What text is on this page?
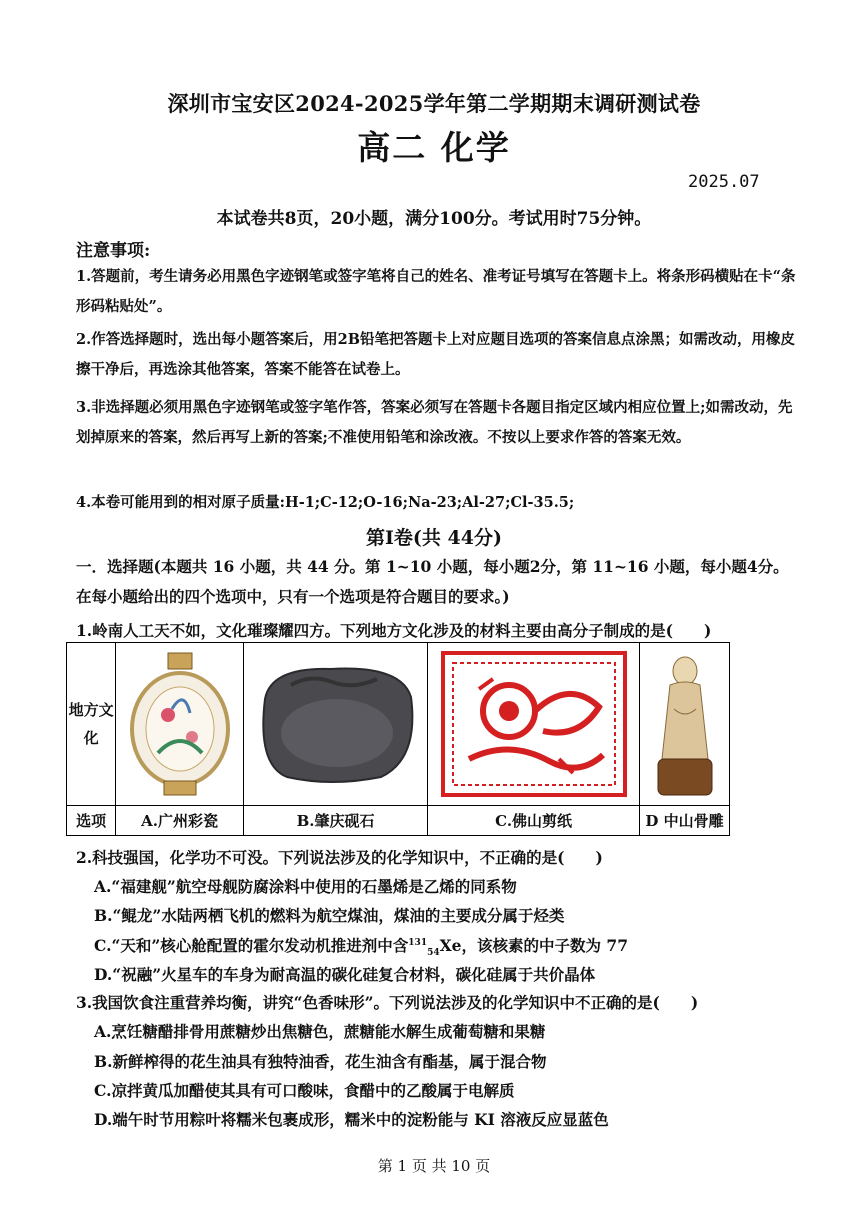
深圳市宝安区2024-2025学年第二学期期末调研测试卷
高二 化学
2025.07
本试卷共8页，20小题，满分100分。考试用时75分钟。
注意事项:
1.答题前，考生请务必用黑色字迹钢笔或签字笔将自己的姓名、准考证号填写在答题卡上。将条形码横贴在卡“条形码粘贴处”。
2.作答选择题时，选出每小题答案后，用2B铅笔把答题卡上对应题目选项的答案信息点涂黑；如需改动，用橡皮擦干净后，再选涂其他答案，答案不能答在试卷上。
3.非选择题必须用黑色字迹钢笔或签字笔作答，答案必须写在答题卡各题目指定区域内相应位置上;如需改动，先划掉原来的答案，然后再写上新的答案;不准使用铅笔和涂改液。不按以上要求作答的答案无效。
4.本卷可能用到的相对原子质量:H-1;C-12;O-16;Na-23;Al-27;Cl-35.5;
第Ⅰ卷(共 44分)
一．选择题(本题共 16 小题，共 44 分。第 1~10 小题，每小题2分，第 11~16 小题，每小题4分。在每小题给出的四个选项中，只有一个选项是符合题目的要求。)
1.岭南人工天不如，文化璀璨耀四方。下列地方文化涉及的材料主要由高分子制成的是(　　)
地方文化	

选项	A.广州彩瓷	B.肇庆砚石	C.佛山剪纸	D 中山骨雕
2.科技强国，化学功不可没。下列说法涉及的化学知识中，不正确的是(　　)
A.“福建舰”航空母舰防腐涂料中使用的石墨烯是乙烯的同系物
B.“鲲龙”水陆两栖飞机的燃料为航空煤油，煤油的主要成分属于烃类
C.“天和”核心舱配置的霍尔发动机推进剂中含$^{131}_{54}$Xe，该核素的中子数为 77
D.“祝融”火星车的车身为耐高温的碳化硅复合材料，碳化硅属于共价晶体
3.我国饮食注重营养均衡，讲究“色香味形”。下列说法涉及的化学知识中不正确的是(　　)
A.烹饪糖醋排骨用蔗糖炒出焦糖色，蔗糖能水解生成葡萄糖和果糖
B.新鲜榨得的花生油具有独特油香，花生油含有酯基，属于混合物
C.凉拌黄瓜加醋使其具有可口酸味，食醋中的乙酸属于电解质
D.端午时节用粽叶将糯米包裹成形，糯米中的淀粉能与 KI 溶液反应显蓝色
第 1 页 共 10 页
